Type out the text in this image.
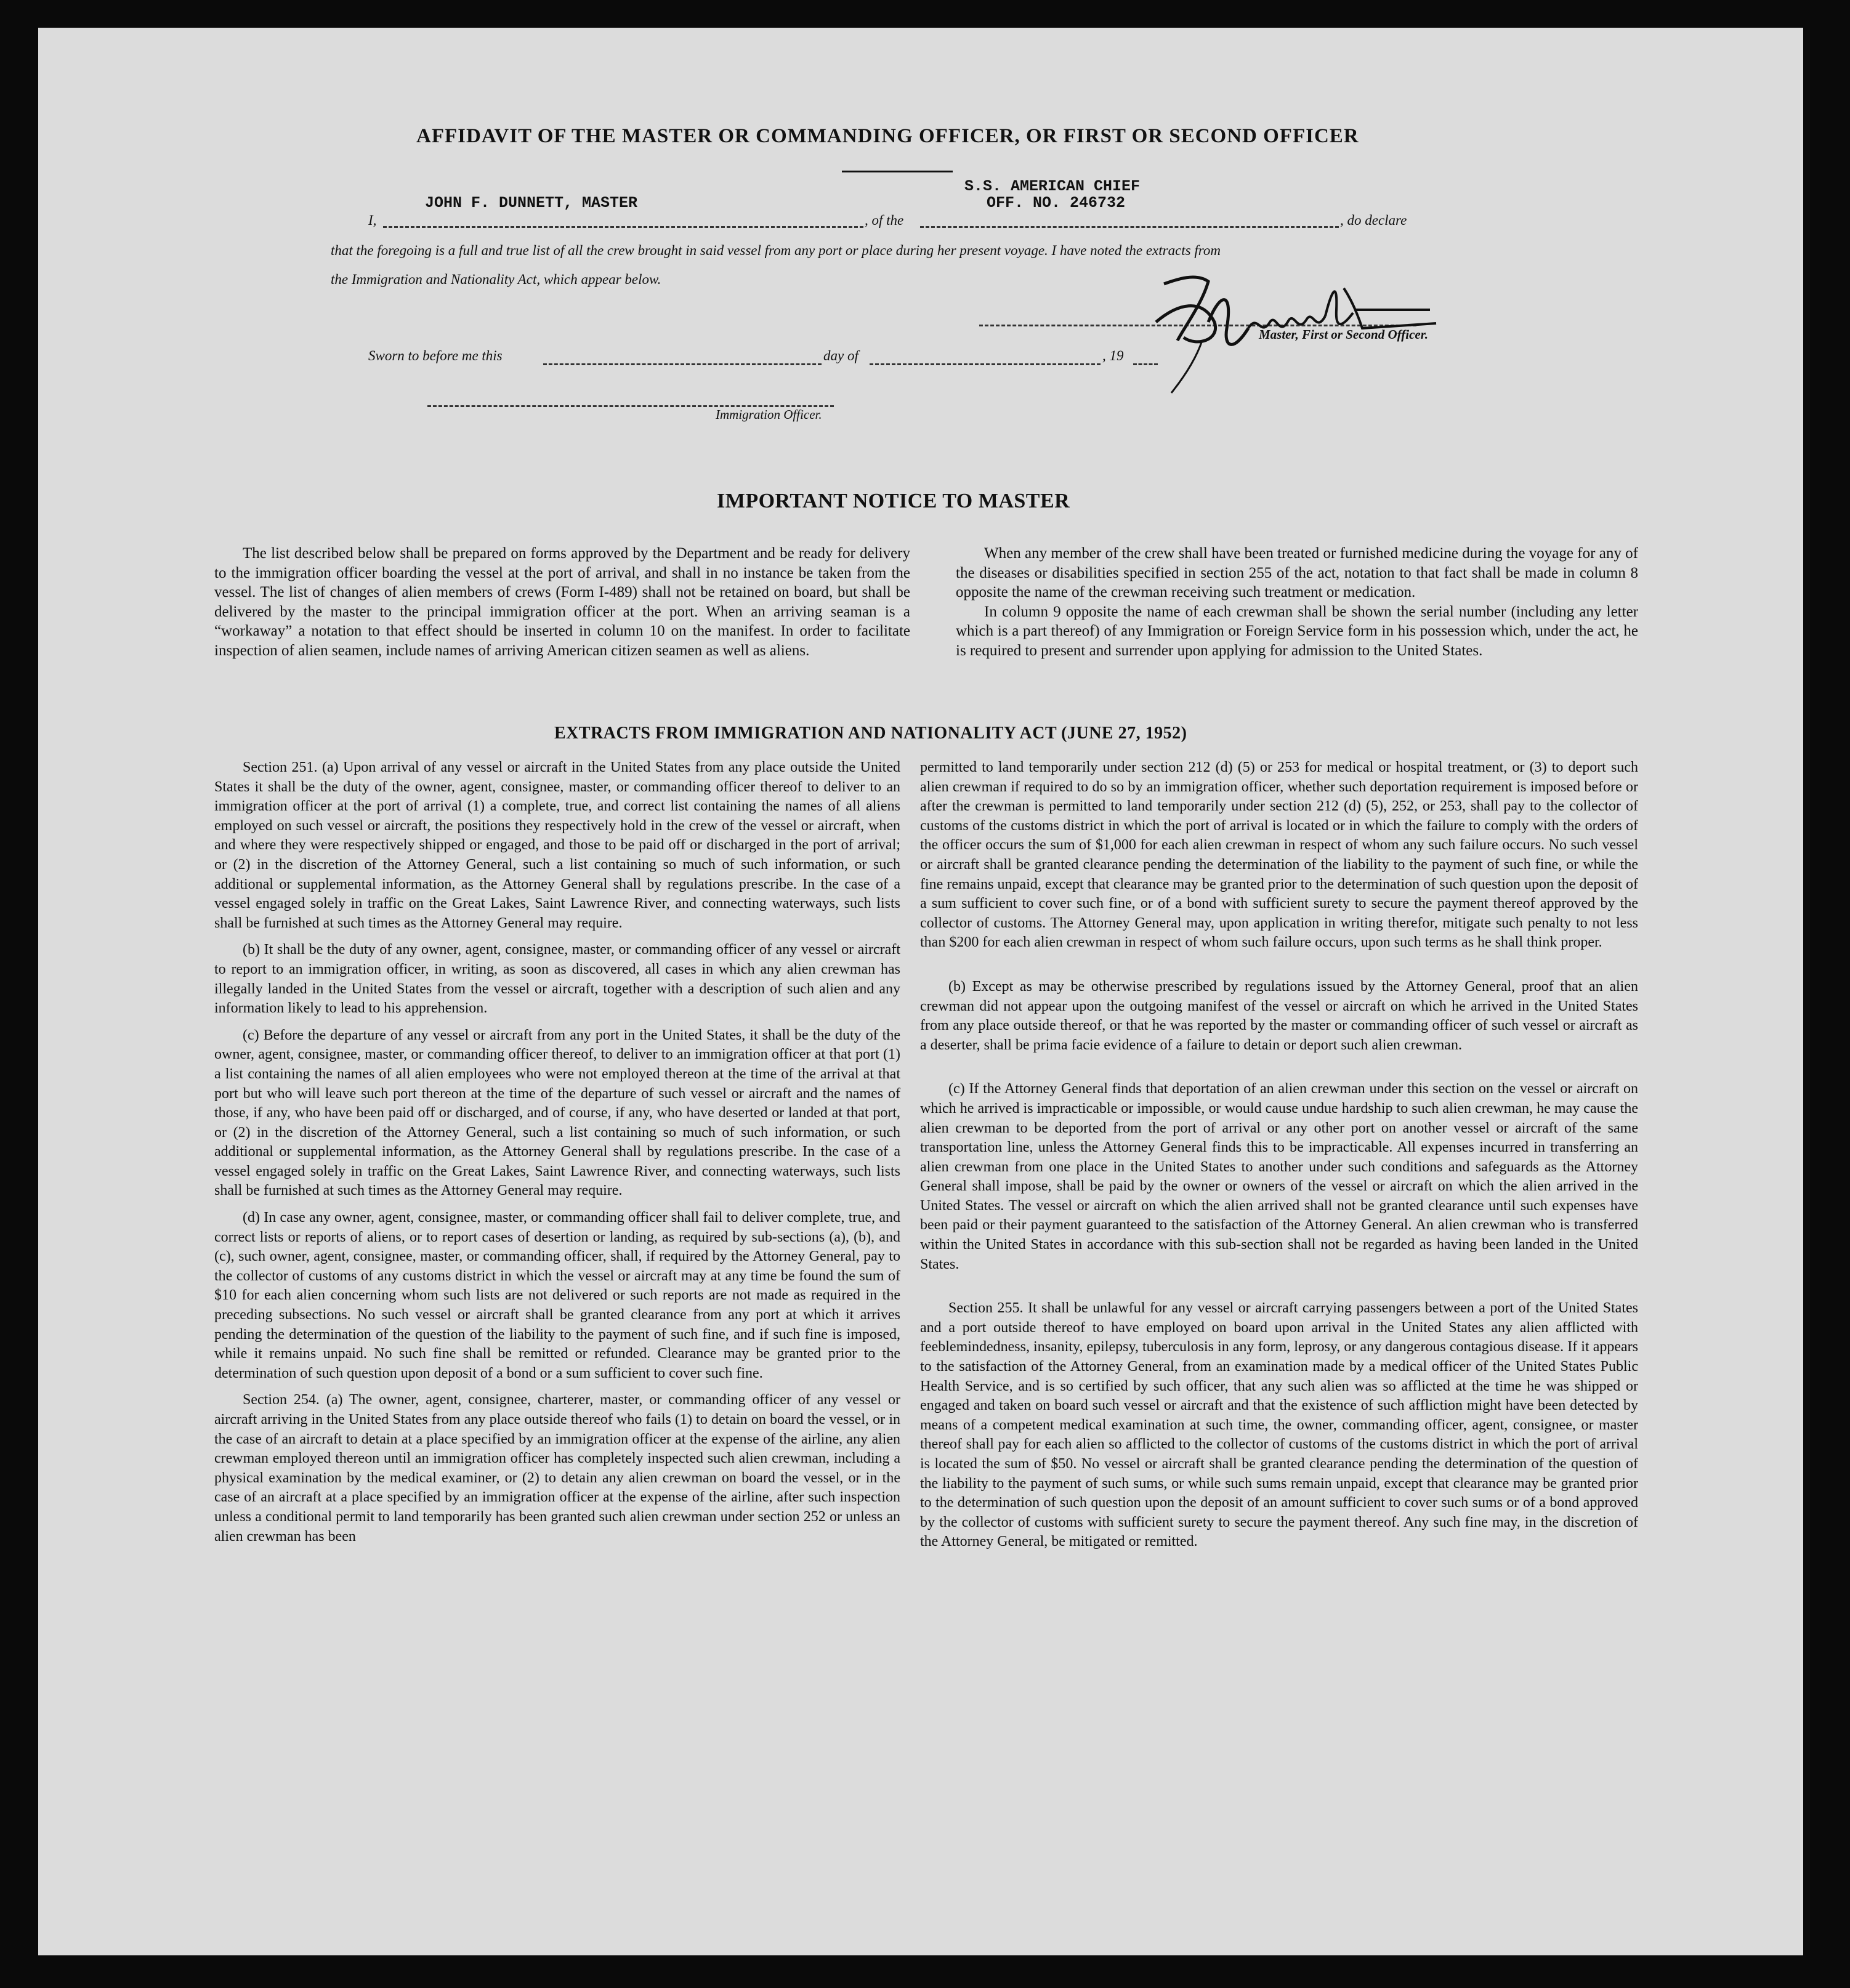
AFFIDAVIT OF THE MASTER OR COMMANDING OFFICER, OR FIRST OR SECOND OFFICER
I,
JOHN F. DUNNETT, MASTER
, of the
S.S. AMERICAN CHIEF
OFF. NO. 246732
, do declare
that the foregoing is a full and true list of all the crew brought in said vessel from any port or place during her present voyage. I have noted the extracts from
the Immigration and Nationality Act, which appear below.
Master, First or Second Officer.
Sworn to before me this	day of	, 19
Immigration Officer.
IMPORTANT NOTICE TO MASTER

The list described below shall be prepared on forms approved by the Department and be ready for delivery to the immigration officer boarding the vessel at the port of arrival, and shall in no instance be taken from the vessel. The list of changes of alien members of crews (Form I-489) shall not be retained on board, but shall be delivered by the master to the principal immigration officer at the port. When an arriving seaman is a “workaway” a notation to that effect should be inserted in column 10 on the manifest. In order to facilitate inspection of alien seamen, include names of arriving American citizen seamen as well as aliens.

When any member of the crew shall have been treated or furnished medicine during the voyage for any of the diseases or disabilities specified in section 255 of the act, notation to that fact shall be made in column 8 opposite the name of the crewman receiving such treatment or medication.

In column 9 opposite the name of each crewman shall be shown the serial number (including any letter which is a part thereof) of any Immigration or Foreign Service form in his possession which, under the act, he is required to present and surrender upon applying for admission to the United States.

EXTRACTS FROM IMMIGRATION AND NATIONALITY ACT (JUNE 27, 1952)

Section 251. (a) Upon arrival of any vessel or aircraft in the United States from any place outside the United States it shall be the duty of the owner, agent, consignee, master, or commanding officer thereof to deliver to an immigration officer at the port of arrival (1) a complete, true, and correct list containing the names of all aliens employed on such vessel or aircraft, the positions they respectively hold in the crew of the vessel or aircraft, when and where they were respectively shipped or engaged, and those to be paid off or discharged in the port of arrival; or (2) in the discretion of the Attorney General, such a list containing so much of such information, or such additional or supplemental information, as the Attorney General shall by regulations prescribe. In the case of a vessel engaged solely in traffic on the Great Lakes, Saint Lawrence River, and connecting waterways, such lists shall be furnished at such times as the Attorney General may require.

(b) It shall be the duty of any owner, agent, consignee, master, or commanding officer of any vessel or aircraft to report to an immigration officer, in writing, as soon as discovered, all cases in which any alien crewman has illegally landed in the United States from the vessel or aircraft, together with a description of such alien and any information likely to lead to his apprehension.

(c) Before the departure of any vessel or aircraft from any port in the United States, it shall be the duty of the owner, agent, consignee, master, or commanding officer thereof, to deliver to an immigration officer at that port (1) a list containing the names of all alien employees who were not employed thereon at the time of the arrival at that port but who will leave such port thereon at the time of the departure of such vessel or aircraft and the names of those, if any, who have been paid off or discharged, and of course, if any, who have deserted or landed at that port, or (2) in the discretion of the Attorney General, such a list containing so much of such information, or such additional or supplemental information, as the Attorney General shall by regulations prescribe. In the case of a vessel engaged solely in traffic on the Great Lakes, Saint Lawrence River, and connecting waterways, such lists shall be furnished at such times as the Attorney General may require.

(d) In case any owner, agent, consignee, master, or commanding officer shall fail to deliver complete, true, and correct lists or reports of aliens, or to report cases of desertion or landing, as required by sub-sections (a), (b), and (c), such owner, agent, consignee, master, or commanding officer, shall, if required by the Attorney General, pay to the collector of customs of any customs district in which the vessel or aircraft may at any time be found the sum of $10 for each alien concerning whom such lists are not delivered or such reports are not made as required in the preceding subsections. No such vessel or aircraft shall be granted clearance from any port at which it arrives pending the determination of the question of the liability to the payment of such fine, and if such fine is imposed, while it remains unpaid. No such fine shall be remitted or refunded. Clearance may be granted prior to the determination of such question upon deposit of a bond or a sum sufficient to cover such fine.

Section 254. (a) The owner, agent, consignee, charterer, master, or commanding officer of any vessel or aircraft arriving in the United States from any place outside thereof who fails (1) to detain on board the vessel, or in the case of an aircraft to detain at a place specified by an immigration officer at the expense of the airline, any alien crewman employed thereon until an immigration officer has completely inspected such alien crewman, including a physical examination by the medical examiner, or (2) to detain any alien crewman on board the vessel, or in the case of an aircraft at a place specified by an immigration officer at the expense of the airline, after such inspection unless a conditional permit to land temporarily has been granted such alien crewman under section 252 or unless an alien crewman has been

permitted to land temporarily under section 212 (d) (5) or 253 for medical or hospital treatment, or (3) to deport such alien crewman if required to do so by an immigration officer, whether such deportation requirement is imposed before or after the crewman is permitted to land temporarily under section 212 (d) (5), 252, or 253, shall pay to the collector of customs of the customs district in which the port of arrival is located or in which the failure to comply with the orders of the officer occurs the sum of $1,000 for each alien crewman in respect of whom any such failure occurs. No such vessel or aircraft shall be granted clearance pending the determination of the liability to the payment of such fine, or while the fine remains unpaid, except that clearance may be granted prior to the determination of such question upon the deposit of a sum sufficient to cover such fine, or of a bond with sufficient surety to secure the payment thereof approved by the collector of customs. The Attorney General may, upon application in writing therefor, mitigate such penalty to not less than $200 for each alien crewman in respect of whom such failure occurs, upon such terms as he shall think proper.

(b) Except as may be otherwise prescribed by regulations issued by the Attorney General, proof that an alien crewman did not appear upon the outgoing manifest of the vessel or aircraft on which he arrived in the United States from any place outside thereof, or that he was reported by the master or commanding officer of such vessel or aircraft as a deserter, shall be prima facie evidence of a failure to detain or deport such alien crewman.

(c) If the Attorney General finds that deportation of an alien crewman under this section on the vessel or aircraft on which he arrived is impracticable or impossible, or would cause undue hardship to such alien crewman, he may cause the alien crewman to be deported from the port of arrival or any other port on another vessel or aircraft of the same transportation line, unless the Attorney General finds this to be impracticable. All expenses incurred in transferring an alien crewman from one place in the United States to another under such conditions and safeguards as the Attorney General shall impose, shall be paid by the owner or owners of the vessel or aircraft on which the alien arrived in the United States. The vessel or aircraft on which the alien arrived shall not be granted clearance until such expenses have been paid or their payment guaranteed to the satisfaction of the Attorney General. An alien crewman who is transferred within the United States in accordance with this sub-section shall not be regarded as having been landed in the United States.

Section 255. It shall be unlawful for any vessel or aircraft carrying passengers between a port of the United States and a port outside thereof to have employed on board upon arrival in the United States any alien afflicted with feeblemindedness, insanity, epilepsy, tuberculosis in any form, leprosy, or any dangerous contagious disease. If it appears to the satisfaction of the Attorney General, from an examination made by a medical officer of the United States Public Health Service, and is so certified by such officer, that any such alien was so afflicted at the time he was shipped or engaged and taken on board such vessel or aircraft and that the existence of such affliction might have been detected by means of a competent medical examination at such time, the owner, commanding officer, agent, consignee, or master thereof shall pay for each alien so afflicted to the collector of customs of the customs district in which the port of arrival is located the sum of $50. No vessel or aircraft shall be granted clearance pending the determination of the question of the liability to the payment of such sums, or while such sums remain unpaid, except that clearance may be granted prior to the determination of such question upon the deposit of an amount sufficient to cover such sums or of a bond approved by the collector of customs with sufficient surety to secure the payment thereof. Any such fine may, in the discretion of the Attorney General, be mitigated or remitted.
